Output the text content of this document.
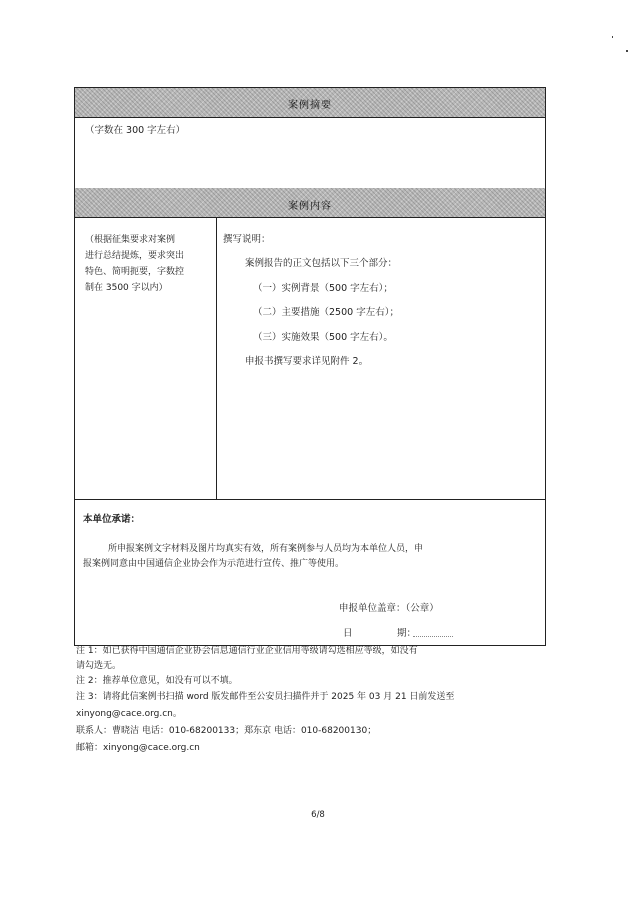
案例摘要
（字数在 300 字左右）
案例内容
（根据征集要求对案例
进行总结提炼，要求突出
特色、简明扼要，字数控
制在 3500 字以内）
撰写说明：
案例报告的正文包括以下三个部分：
（一）实例背景（500 字左右）；
（二）主要措施（2500 字左右）；
（三）实施效果（500 字左右）。
申报书撰写要求详见附件 2。
本单位承诺：
所申报案例文字材料及图片均真实有效，所有案例参与人员均为本单位人员，申
报案例同意由中国通信企业协会作为示范进行宣传、推广等使用。
申报单位盖章：（公章）
日	期：
注 1：如已获得中国通信企业协会信息通信行业企业信用等级请勾选相应等级，如没有
请勾选无。
注 2：推荐单位意见，如没有可以不填。
注 3：请将此信案例书扫描 word 版发邮件至公安员扫描件并于 2025 年 03 月 21 日前发送至
xinyong@cace.org.cn。
联系人：曹晓洁 电话：010-68200133；郑东京 电话：010-68200130；
邮箱：xinyong@cace.org.cn
6/8
